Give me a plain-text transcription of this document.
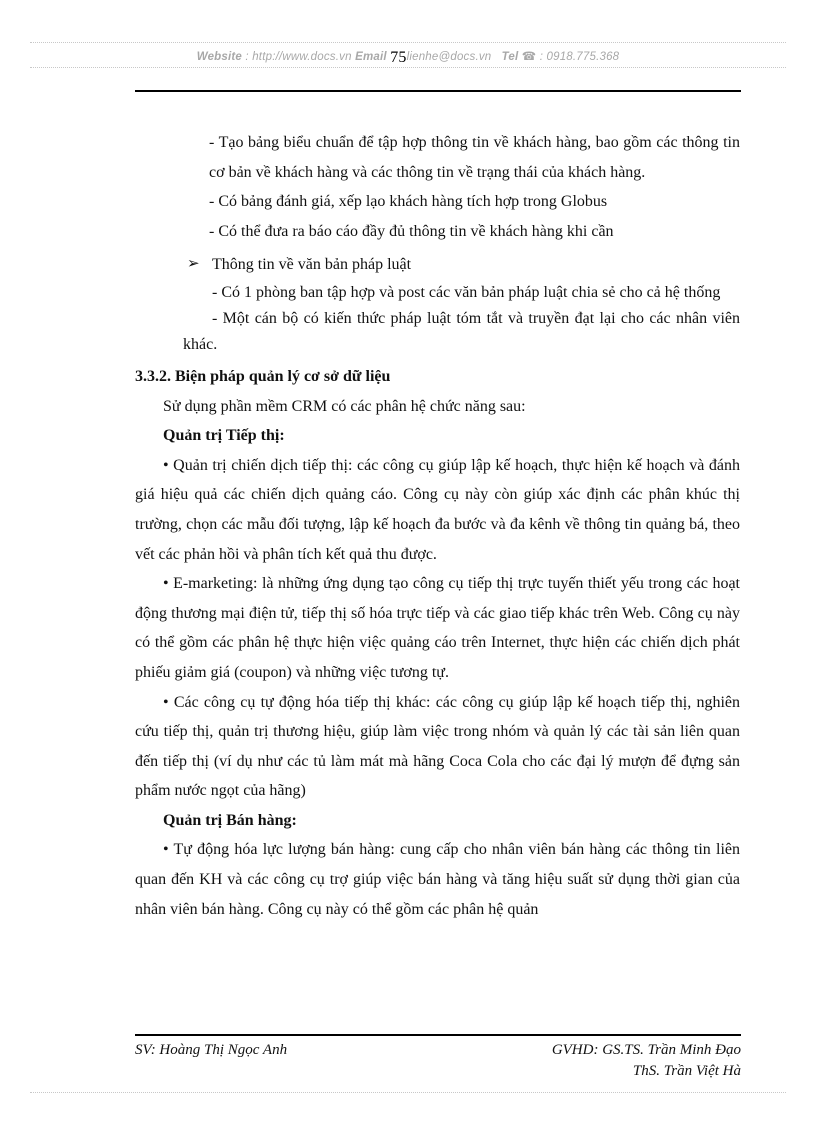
Website : http://www.docs.vn Email 75lienhe@docs.vn Tel ☎ : 0918.775.368

- Tạo bảng biểu chuẩn để tập hợp thông tin về khách hàng, bao gồm các thông tin cơ bản về khách hàng và các thông tin về trạng thái của khách hàng.

- Có bảng đánh giá, xếp lạo khách hàng tích hợp trong Globus

- Có thể đưa ra báo cáo đầy đủ thông tin về khách hàng khi cần

➢ Thông tin về văn bản pháp luật

- Có 1 phòng ban tập hợp và post các văn bản pháp luật chia sẻ cho cả hệ thống

- Một cán bộ có kiến thức pháp luật tóm tắt và truyền đạt lại cho các nhân viên khác.

3.3.2. Biện pháp quản lý cơ sở dữ liệu

Sử dụng phần mềm CRM có các phân hệ chức năng sau:

Quản trị Tiếp thị:

• Quản trị chiến dịch tiếp thị: các công cụ giúp lập kế hoạch, thực hiện kế hoạch và đánh giá hiệu quả các chiến dịch quảng cáo. Công cụ này còn giúp xác định các phân khúc thị trường, chọn các mẫu đối tượng, lập kế hoạch đa bước và đa kênh về thông tin quảng bá, theo vết các phản hồi và phân tích kết quả thu được.

• E-marketing: là những ứng dụng tạo công cụ tiếp thị trực tuyến thiết yếu trong các hoạt động thương mại điện tử, tiếp thị số hóa trực tiếp và các giao tiếp khác trên Web. Công cụ này có thể gồm các phân hệ thực hiện việc quảng cáo trên Internet, thực hiện các chiến dịch phát phiếu giảm giá (coupon) và những việc tương tự.

• Các công cụ tự động hóa tiếp thị khác: các công cụ giúp lập kế hoạch tiếp thị, nghiên cứu tiếp thị, quản trị thương hiệu, giúp làm việc trong nhóm và quản lý các tài sản liên quan đến tiếp thị (ví dụ như các tủ làm mát mà hãng Coca Cola cho các đại lý mượn để đựng sản phẩm nước ngọt của hãng)

Quản trị Bán hàng:

• Tự động hóa lực lượng bán hàng: cung cấp cho nhân viên bán hàng các thông tin liên quan đến KH và các công cụ trợ giúp việc bán hàng và tăng hiệu suất sử dụng thời gian của nhân viên bán hàng. Công cụ này có thể gồm các phân hệ quản

SV: Hoàng Thị Ngọc Anh	GVHD: GS.TS. Trần Minh Đạo
ThS. Trần Việt Hà
